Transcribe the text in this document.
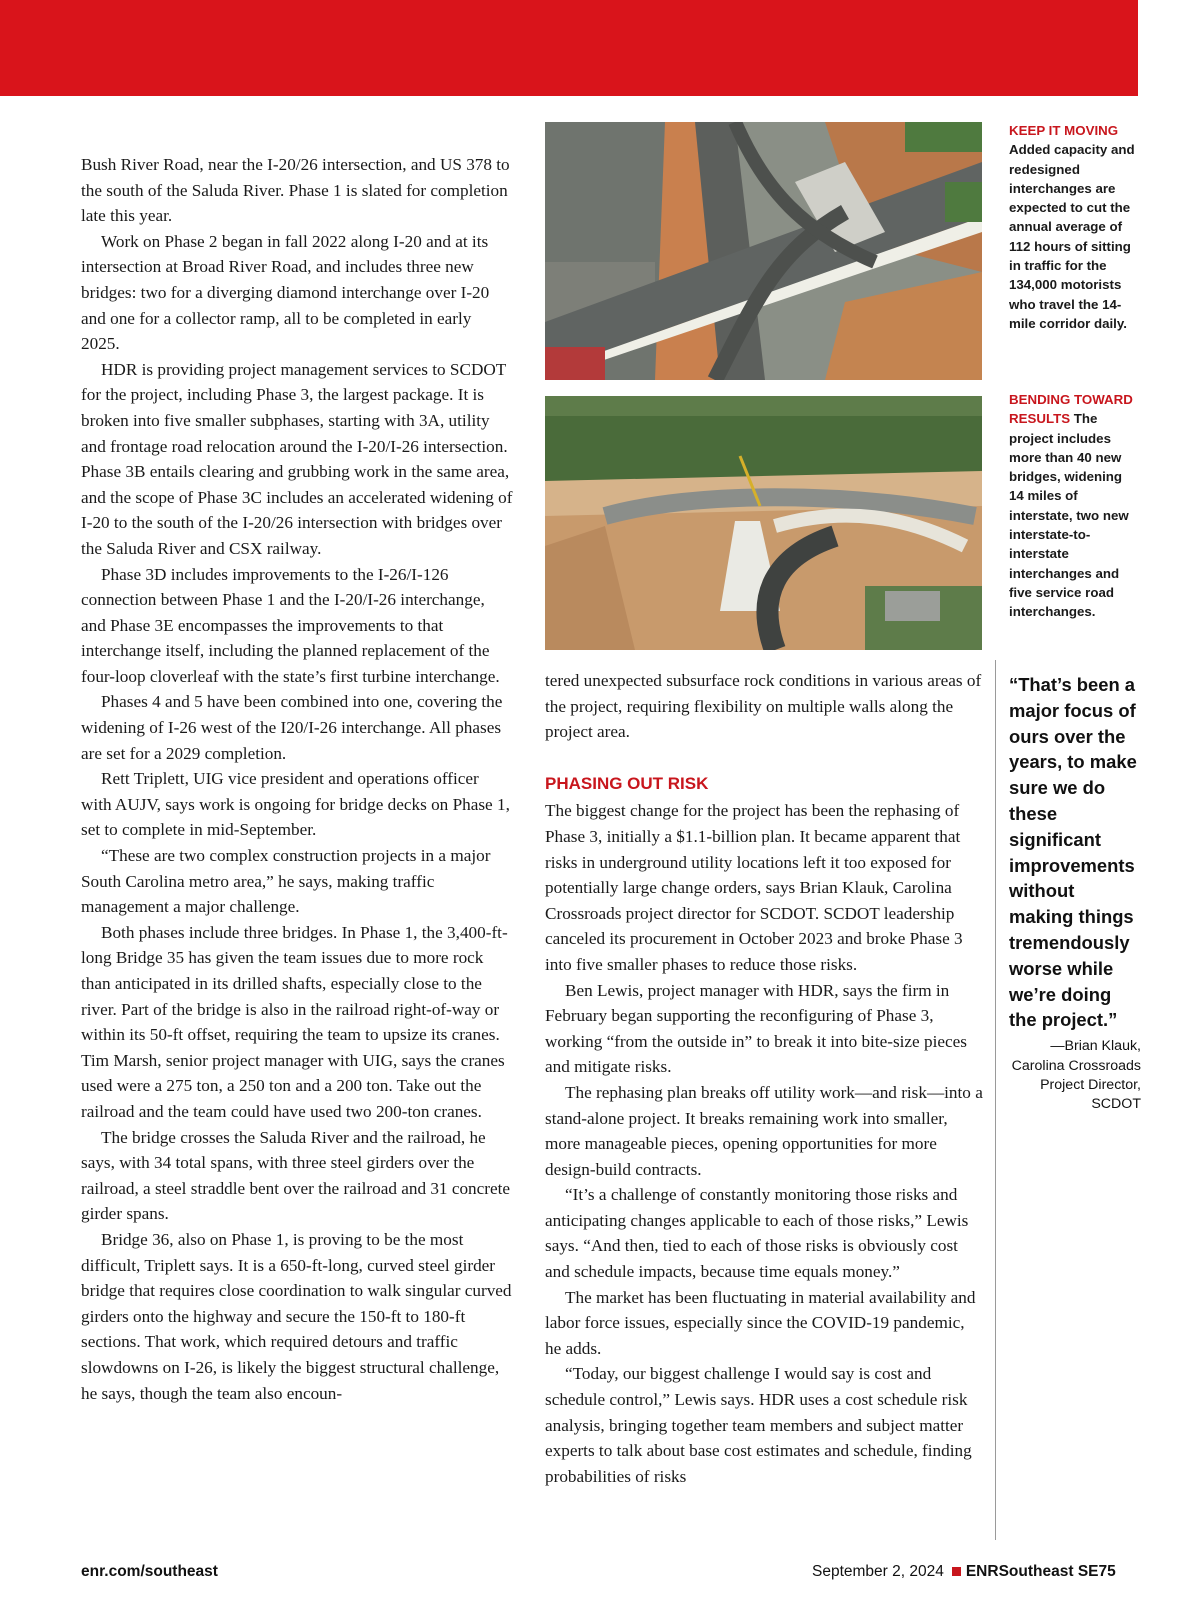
Bush River Road, near the I-20/26 intersection, and US 378 to the south of the Saluda River. Phase 1 is slated for completion late this year.

Work on Phase 2 began in fall 2022 along I-20 and at its intersection at Broad River Road, and includes three new bridges: two for a diverging diamond interchange over I-20 and one for a collector ramp, all to be completed in early 2025.

HDR is providing project management services to SCDOT for the project, including Phase 3, the largest package. It is broken into five smaller subphases, starting with 3A, utility and frontage road relocation around the I-20/I-26 intersection. Phase 3B entails clearing and grubbing work in the same area, and the scope of Phase 3C includes an accelerated widening of I-20 to the south of the I-20/26 intersection with bridges over the Saluda River and CSX railway.

Phase 3D includes improvements to the I-26/I-126 connection between Phase 1 and the I-20/I-26 interchange, and Phase 3E encompasses the improvements to that interchange itself, including the planned replacement of the four-loop cloverleaf with the state’s first turbine interchange.

Phases 4 and 5 have been combined into one, covering the widening of I-26 west of the I20/I-26 interchange. All phases are set for a 2029 completion.

Rett Triplett, UIG vice president and operations officer with AUJV, says work is ongoing for bridge decks on Phase 1, set to complete in mid-September.

“These are two complex construction projects in a major South Carolina metro area,” he says, making traffic management a major challenge.

Both phases include three bridges. In Phase 1, the 3,400-ft-long Bridge 35 has given the team issues due to more rock than anticipated in its drilled shafts, especially close to the river. Part of the bridge is also in the railroad right-of-way or within its 50-ft offset, requiring the team to upsize its cranes. Tim Marsh, senior project manager with UIG, says the cranes used were a 275 ton, a 250 ton and a 200 ton. Take out the railroad and the team could have used two 200-ton cranes.

The bridge crosses the Saluda River and the railroad, he says, with 34 total spans, with three steel girders over the railroad, a steel straddle bent over the railroad and 31 concrete girder spans.

Bridge 36, also on Phase 1, is proving to be the most difficult, Triplett says. It is a 650-ft-long, curved steel girder bridge that requires close coordination to walk singular curved girders onto the highway and secure the 150-ft to 180-ft sections. That work, which required detours and traffic slowdowns on I-26, is likely the biggest structural challenge, he says, though the team also encoun-

KEEP IT MOVING
Added capacity and redesigned interchanges are expected to cut the annual average of 112 hours of sitting in traffic for the 134,000 motorists who travel the 14-mile corridor daily.
BENDING TOWARD RESULTS The project includes more than 40 new bridges, widening 14 miles of interstate, two new interstate-to-interstate interchanges and five service road interchanges.

tered unexpected subsurface rock conditions in various areas of the project, requiring flexibility on multiple walls along the project area.

PHASING OUT RISK

The biggest change for the project has been the rephasing of Phase 3, initially a $1.1-billion plan. It became apparent that risks in underground utility locations left it too exposed for potentially large change orders, says Brian Klauk, Carolina Crossroads project director for SCDOT. SCDOT leadership canceled its procurement in October 2023 and broke Phase 3 into five smaller phases to reduce those risks.

Ben Lewis, project manager with HDR, says the firm in February began supporting the reconfiguring of Phase 3, working “from the outside in” to break it into bite-size pieces and mitigate risks.

The rephasing plan breaks off utility work—and risk—into a stand-alone project. It breaks remaining work into smaller, more manageable pieces, opening opportunities for more design-build contracts.

“It’s a challenge of constantly monitoring those risks and anticipating changes applicable to each of those risks,” Lewis says. “And then, tied to each of those risks is obviously cost and schedule impacts, because time equals money.”

The market has been fluctuating in material availability and labor force issues, especially since the COVID-19 pandemic, he adds.

“Today, our biggest challenge I would say is cost and schedule control,” Lewis says. HDR uses a cost schedule risk analysis, bringing together team members and subject matter experts to talk about base cost estimates and schedule, finding probabilities of risks

“That’s been a major focus of ours over the years, to make sure we do these significant improvements without making things tremendously worse while we’re doing the project.”
—Brian Klauk, Carolina Crossroads Project Director, SCDOT
enr.com/southeast	September 2, 2024 ENRSoutheast SE75
